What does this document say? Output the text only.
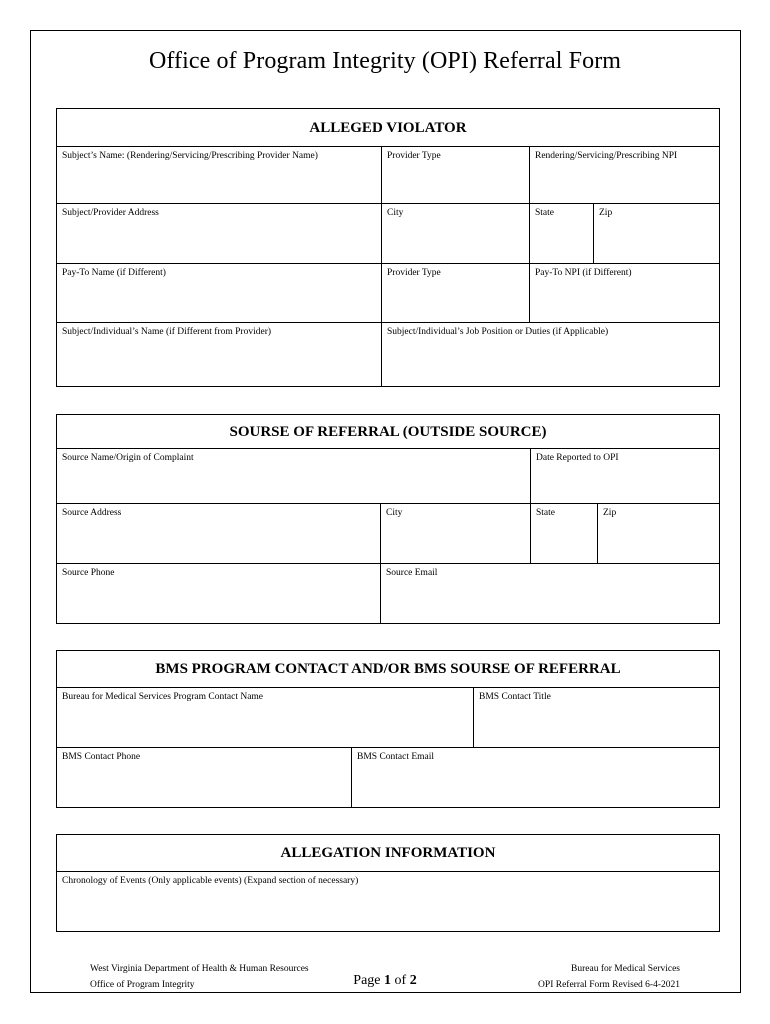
Office of Program Integrity (OPI) Referral Form
ALLEGED VIOLATOR
Subject’s Name: (Rendering/Servicing/Prescribing Provider Name)	Provider Type	Rendering/Servicing/Prescribing NPI
Subject/Provider Address	City	State	Zip
Pay-To Name (if Different)	Provider Type	Pay-To NPI (if Different)
Subject/Individual’s Name (if Different from Provider)	Subject/Individual’s Job Position or Duties (if Applicable)
SOURSE OF REFERRAL (OUTSIDE SOURCE)
Source Name/Origin of Complaint	Date Reported to OPI
Source Address	City	State	Zip
Source Phone	Source Email
BMS PROGRAM CONTACT AND/OR BMS SOURSE OF REFERRAL
Bureau for Medical Services Program Contact Name	BMS Contact Title
BMS Contact Phone	BMS Contact Email
ALLEGATION INFORMATION
Chronology of Events (Only applicable events) (Expand section of necessary)
West Virginia Department of Health & Human Resources
Office of Program Integrity	Page 1 of 2
Bureau for Medical Services
OPI Referral Form Revised 6-4-2021
